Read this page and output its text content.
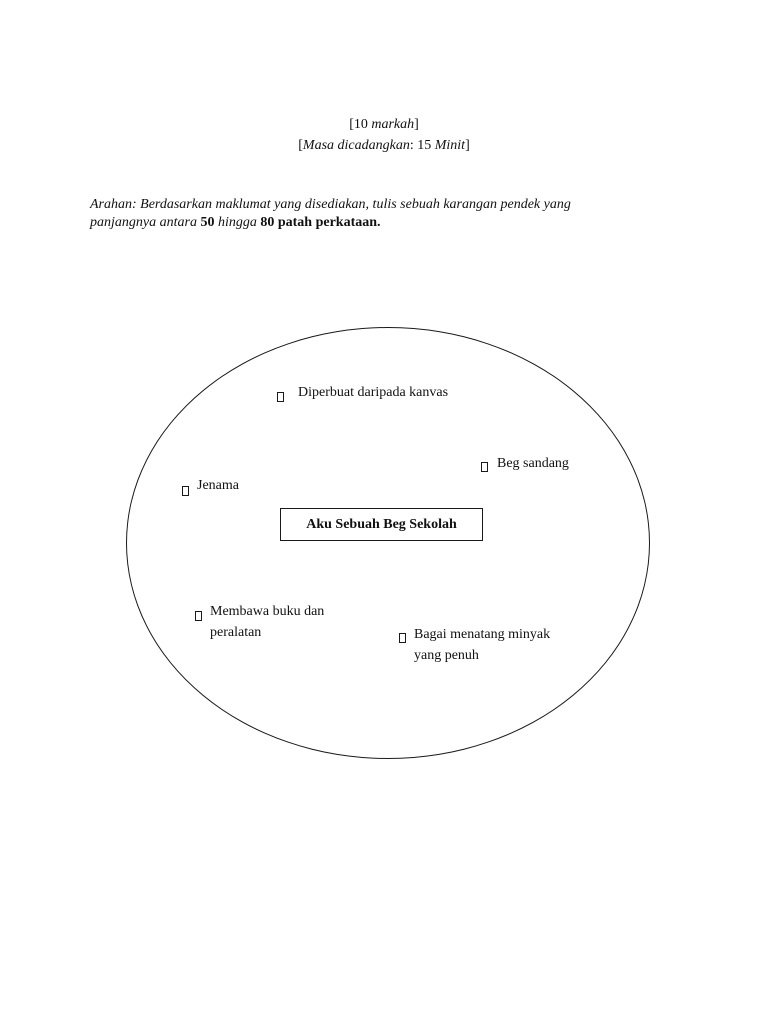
[10 markah]
[Masa dicadangkan: 15 Minit]
Arahan: Berdasarkan maklumat yang disediakan, tulis sebuah karangan pendek yang panjangnya antara 50 hingga 80 patah perkataan.
Aku Sebuah Beg Sekolah
Diperbuat daripada kanvas
Beg sandang
Jenama
Membawa buku dan
peralatan	Bagai menatang minyak
yang penuh
